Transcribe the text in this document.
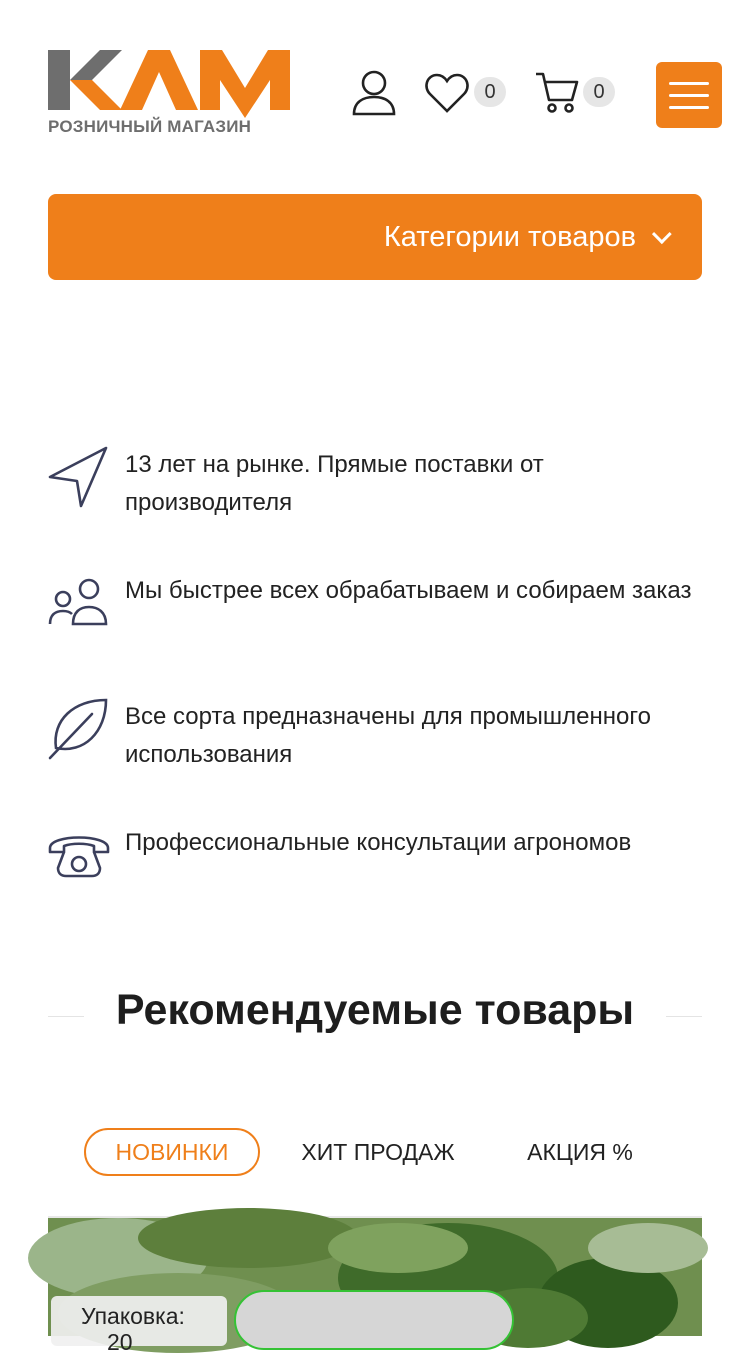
РОЗНИЧНЫЙ МАГАЗИН
0	0
Категории товаров
13 лет на рынке. Прямые поставки от производителя
Мы быстрее всех обрабатываем и собираем заказ
Все сорта предназначены для промышленного использования
Профессиональные консультации агрономов
Рекомендуемые товары
НОВИНКИ	ХИТ ПРОДАЖ	АКЦИЯ %
Упаковка:
20
